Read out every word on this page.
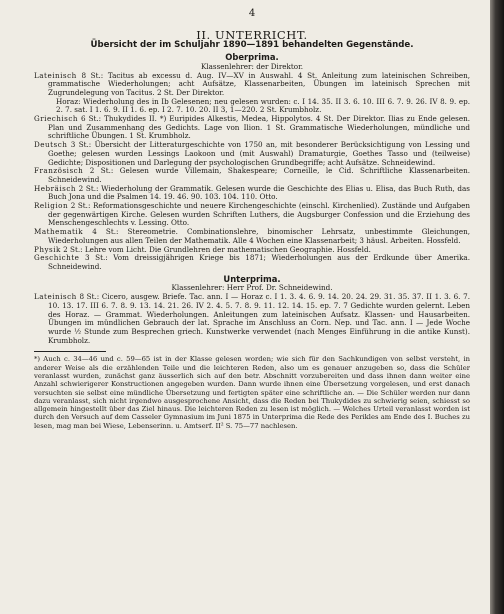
4
II. UNTERRICHT.
Übersicht der im Schuljahr 1890—1891 behandelten Gegenstände.
Oberprima.
Klassenlehrer: der Direktor.

Lateinisch 8 St.: Tacitus ab excessu d. Aug. IV—XV in Auswahl. 4 St. Anleitung zum lateinischen Schreiben, grammatische Wiederholungen; acht Aufsätze, Klassenarbeiten, Übungen im lateinisch Sprechen mit Zugrundelegung von Tacitus. 2 St. Der Direktor.
Horaz: Wiederholung des in Ib Gelesenen; neu gelesen wurden: c. I 14. 35. II 3. 6. 10. III 6. 7. 9. 26. IV 8. 9. ep. 2. 7. sat. I 1. 6. 9. II 1. 6. ep. I 2. 7. 10. 20. II 3, 1—220. 2 St. Krumbholz.

Griechisch 6 St.: Thukydides II. *) Euripides Alkestis, Medea, Hippolytos. 4 St. Der Direktor. Ilias zu Ende gelesen. Plan und Zusammenhang des Gedichts. Lage von Ilion. 1 St. Grammatische Wiederholungen, mündliche und schriftliche Übungen. 1 St. Krumbholz.

Deutsch 3 St.: Übersicht der Litteraturgeschichte von 1750 an, mit besonderer Berücksichtigung von Lessing und Goethe; gelesen wurden Lessings Laokoon und (mit Auswahl) Dramaturgie, Goethes Tasso und (teilweise) Gedichte; Dispositionen und Darlegung der psychologischen Grundbegriffe; acht Aufsätze. Schneidewind.

Französisch 2 St.: Gelesen wurde Villemain, Shakespeare; Corneille, le Cid. Schriftliche Klassenarbeiten. Schneidewind.

Hebräisch 2 St.: Wiederholung der Grammatik. Gelesen wurde die Geschichte des Elias u. Elisa, das Buch Ruth, das Buch Jona und die Psalmen 14. 19. 46. 90. 103. 104. 110. Otto.

Religion 2 St.: Reformationsgeschichte und neuere Kirchengeschichte (einschl. Kirchenlied). Zustände und Aufgaben der gegenwärtigen Kirche. Gelesen wurden Schriften Luthers, die Augsburger Confession und die Erziehung des Menschengeschlechts v. Lessing. Otto.

Mathematik 4 St.: Stereometrie. Combinationslehre, binomischer Lehrsatz, unbestimmte Gleichungen, Wiederholungen aus allen Teilen der Mathematik. Alle 4 Wochen eine Klassenarbeit; 3 häusl. Arbeiten. Hossfeld.

Physik 2 St.: Lehre vom Licht. Die Grundlehren der mathematischen Geographie. Hossfeld.

Geschichte 3 St.: Vom dreissigjährigen Kriege bis 1871; Wiederholungen aus der Erdkunde über Amerika. Schneidewind.

Unterprima.
Klassenlehrer: Herr Prof. Dr. Schneidewind.

Lateinisch 8 St.: Cicero, ausgew. Briefe. Tac. ann. I — Horaz c. I 1. 3. 4. 6. 9. 14. 20. 24. 29. 31. 35. 37. II 1. 3. 6. 7. 10. 13. 17. III 6. 7. 8. 9. 13. 14. 21. 26. IV 2. 4. 5. 7. 8. 9. 11. 12. 14. 15. ep. 7. 7 Gedichte wurden gelernt. Leben des Horaz. — Grammat. Wiederholungen. Anleitungen zum lateinischen Aufsatz. Klassen- und Hausarbeiten. Übungen im mündlichen Gebrauch der lat. Sprache im Anschluss an Corn. Nep. und Tac. ann. I — Jede Woche wurde ½ Stunde zum Besprechen griech. Kunstwerke verwendet (nach Menges Einführung in die antike Kunst). Krumbholz.

*) Auch c. 34—46 und c. 59—65 ist in der Klasse gelesen worden; wie sich für den Sachkundigen von selbst versteht, in anderer Weise als die erzählenden Teile und die leichteren Reden, also um es genauer anzugeben so, dass die Schüler veranlasst wurden, zunächst ganz äusserlich sich auf den betr. Abschnitt vorzubereiten und dass ihnen dann weiter eine Anzahl schwierigerer Konstructionen angegeben wurden. Dann wurde ihnen eine Übersetzung vorgelesen, und erst danach versuchten sie selbst eine mündliche Übersetzung und fertigten später eine schriftliche an. — Die Schüler werden nur dann dazu veranlasst, sich nicht irgendwo ausgesprochene Ansicht, dass die Reden bei Thukydides zu schwierig seien, schiesst so allgemein hingestellt über das Ziel hinaus. Die leichteren Reden zu lesen ist möglich. — Welches Urteil veranlasst worden ist durch den Versuch auf dem Casseler Gymnasium im Juni 1875 in Unterprima die Rede des Perikles am Ende des I. Buches zu lesen, mag man bei Wiese, Lebenserinn. u. Amtserf. II² S. 75—77 nachlesen.
